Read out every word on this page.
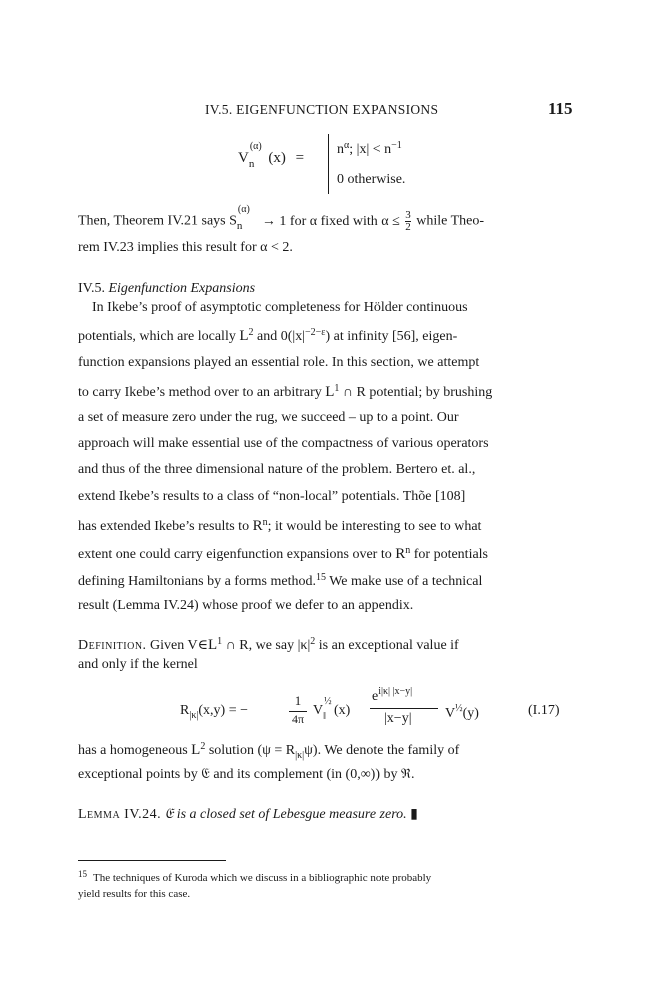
IV.5. EIGENFUNCTION EXPANSIONS	115
V
(α)
$_n$ (x) =
$n^\alpha$; $|x| < n^{-1}$
0 otherwise.
Then, Theorem IV.21 says S
(α)
$_n$ → 1 for α fixed with $\alpha \le \frac{3}{2}$ while Theo-
rem IV.23 implies this result for α < 2.
IV.5. Eigenfunction Expansions
In Ikebe’s proof of asymptotic completeness for Hölder continuous
potentials, which are locally $L^2$ and $0(|x|^{-2-\varepsilon})$ at infinity [56], eigen-
function expansions played an essential role. In this section, we attempt
to carry Ikebe’s method over to an arbitrary $L^1$ ∩ R potential; by brushing
a set of measure zero under the rug, we succeed – up to a point. Our
approach will make essential use of the compactness of various operators
and thus of the three dimensional nature of the problem. Bertero et. al.,
extend Ikebe’s results to a class of “non-local” potentials. Thõe [108]
has extended Ikebe’s results to $R^n$; it would be interesting to see to what
extent one could carry eigenfunction expansions over to $R^n$ for potentials
defining Hamiltonians by a forms method.$^{15}$ We make use of a technical
result (Lemma IV.24) whose proof we defer to an appendix.
Definition. Given $V\in L^1$ ∩ R, we say $|\kappa|^2$ is an exceptional value if
and only if the kernel
$R_{|\kappa|}(x,y)$ = −
1
4π
V
½
$_‖$ (x)
$e^{i|\kappa| |x-y|}$
|x−y| $V^{\frac{1}{2}}(y)$	(I.17)
has a homogeneous $L^2$ solution $(\psi = R_{|\kappa|}\psi)$. We denote the family of
exceptional points by 𝔈 and its complement (in (0,∞)) by ℜ.
Lemma IV.24. 𝔈 is a closed set of Lebesgue measure zero. ▮
$^{15}$ The techniques of Kuroda which we discuss in a bibliographic note probably
yield results for this case.
